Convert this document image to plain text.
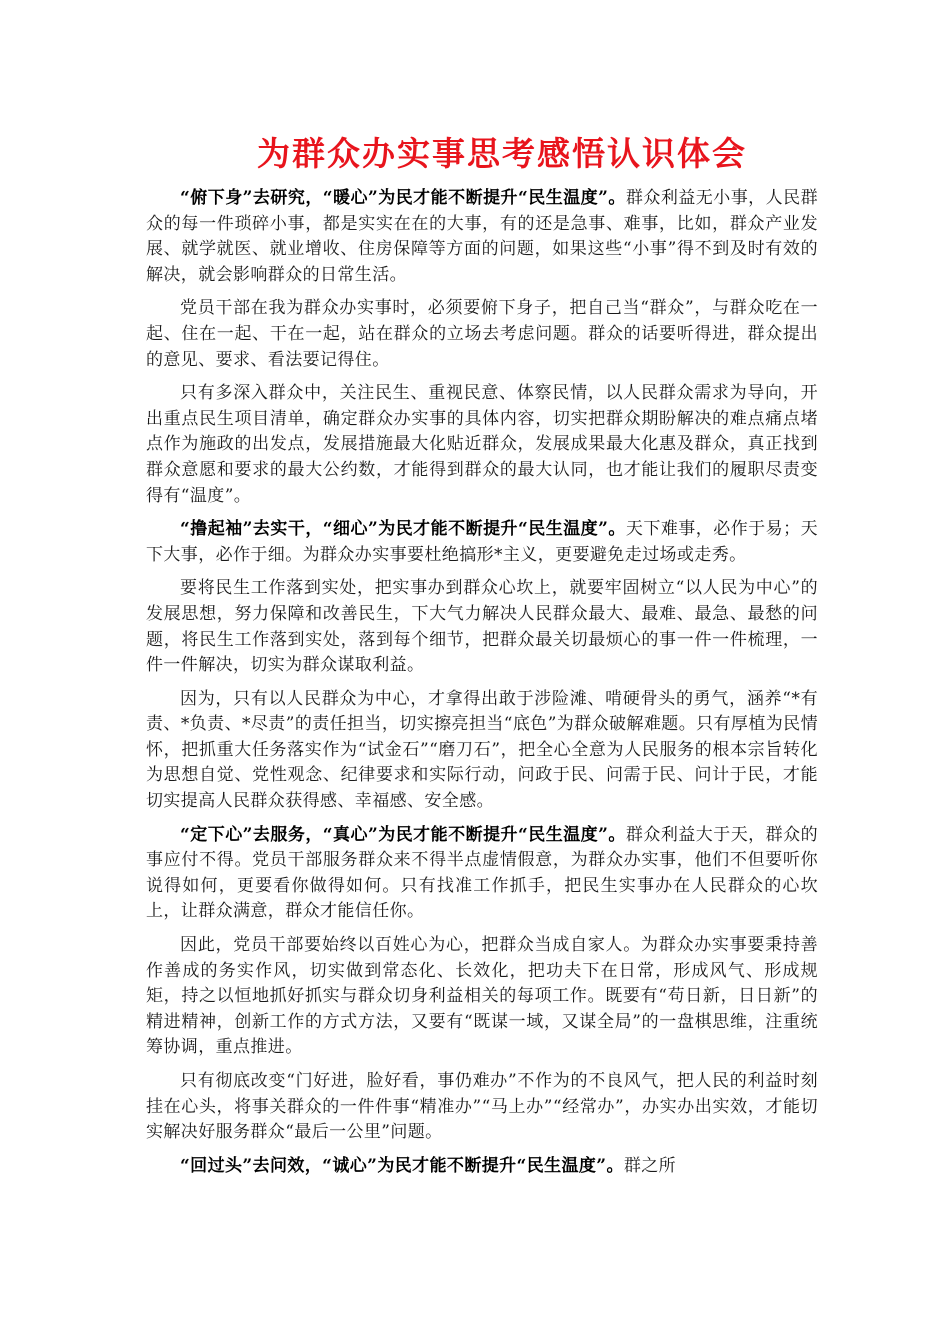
为群众办实事思考感悟认识体会

“俯下身”去研究，“暖心”为民才能不断提升“民生温度”。群众利益无小事，人民群众的每一件琐碎小事，都是实实在在的大事，有的还是急事、难事，比如，群众产业发展、就学就医、就业增收、住房保障等方面的问题，如果这些“小事”得不到及时有效的解决，就会影响群众的日常生活。

党员干部在我为群众办实事时，必须要俯下身子，把自己当“群众”，与群众吃在一起、住在一起、干在一起，站在群众的立场去考虑问题。群众的话要听得进，群众提出的意见、要求、看法要记得住。

只有多深入群众中，关注民生、重视民意、体察民情，以人民群众需求为导向，开出重点民生项目清单，确定群众办实事的具体内容，切实把群众期盼解决的难点痛点堵点作为施政的出发点，发展措施最大化贴近群众，发展成果最大化惠及群众，真正找到群众意愿和要求的最大公约数，才能得到群众的最大认同，也才能让我们的履职尽责变得有“温度”。

“撸起袖”去实干，“细心”为民才能不断提升“民生温度”。天下难事，必作于易；天下大事，必作于细。为群众办实事要杜绝搞形*主义，更要避免走过场或走秀。

要将民生工作落到实处，把实事办到群众心坎上，就要牢固树立“以人民为中心”的发展思想，努力保障和改善民生，下大气力解决人民群众最大、最难、最急、最愁的问题，将民生工作落到实处，落到每个细节，把群众最关切最烦心的事一件一件梳理，一件一件解决，切实为群众谋取利益。

因为，只有以人民群众为中心，才拿得出敢于涉险滩、啃硬骨头的勇气，涵养“*有责、*负责、*尽责”的责任担当，切实擦亮担当“底色”为群众破解难题。只有厚植为民情怀，把抓重大任务落实作为“试金石”“磨刀石”，把全心全意为人民服务的根本宗旨转化为思想自觉、党性观念、纪律要求和实际行动，问政于民、问需于民、问计于民，才能切实提高人民群众获得感、幸福感、安全感。

“定下心”去服务，“真心”为民才能不断提升“民生温度”。群众利益大于天，群众的事应付不得。党员干部服务群众来不得半点虚情假意，为群众办实事，他们不但要听你说得如何，更要看你做得如何。只有找准工作抓手，把民生实事办在人民群众的心坎上，让群众满意，群众才能信任你。

因此，党员干部要始终以百姓心为心，把群众当成自家人。为群众办实事要秉持善作善成的务实作风，切实做到常态化、长效化，把功夫下在日常，形成风气、形成规矩，持之以恒地抓好抓实与群众切身利益相关的每项工作。既要有“苟日新，日日新”的精进精神，创新工作的方式方法，又要有“既谋一域，又谋全局”的一盘棋思维，注重统筹协调，重点推进。

只有彻底改变“门好进，脸好看，事仍难办”不作为的不良风气，把人民的利益时刻挂在心头，将事关群众的一件件事“精准办”“马上办”“经常办”，办实办出实效，才能切实解决好服务群众“最后一公里”问题。

“回过头”去问效，“诚心”为民才能不断提升“民生温度”。群之所
